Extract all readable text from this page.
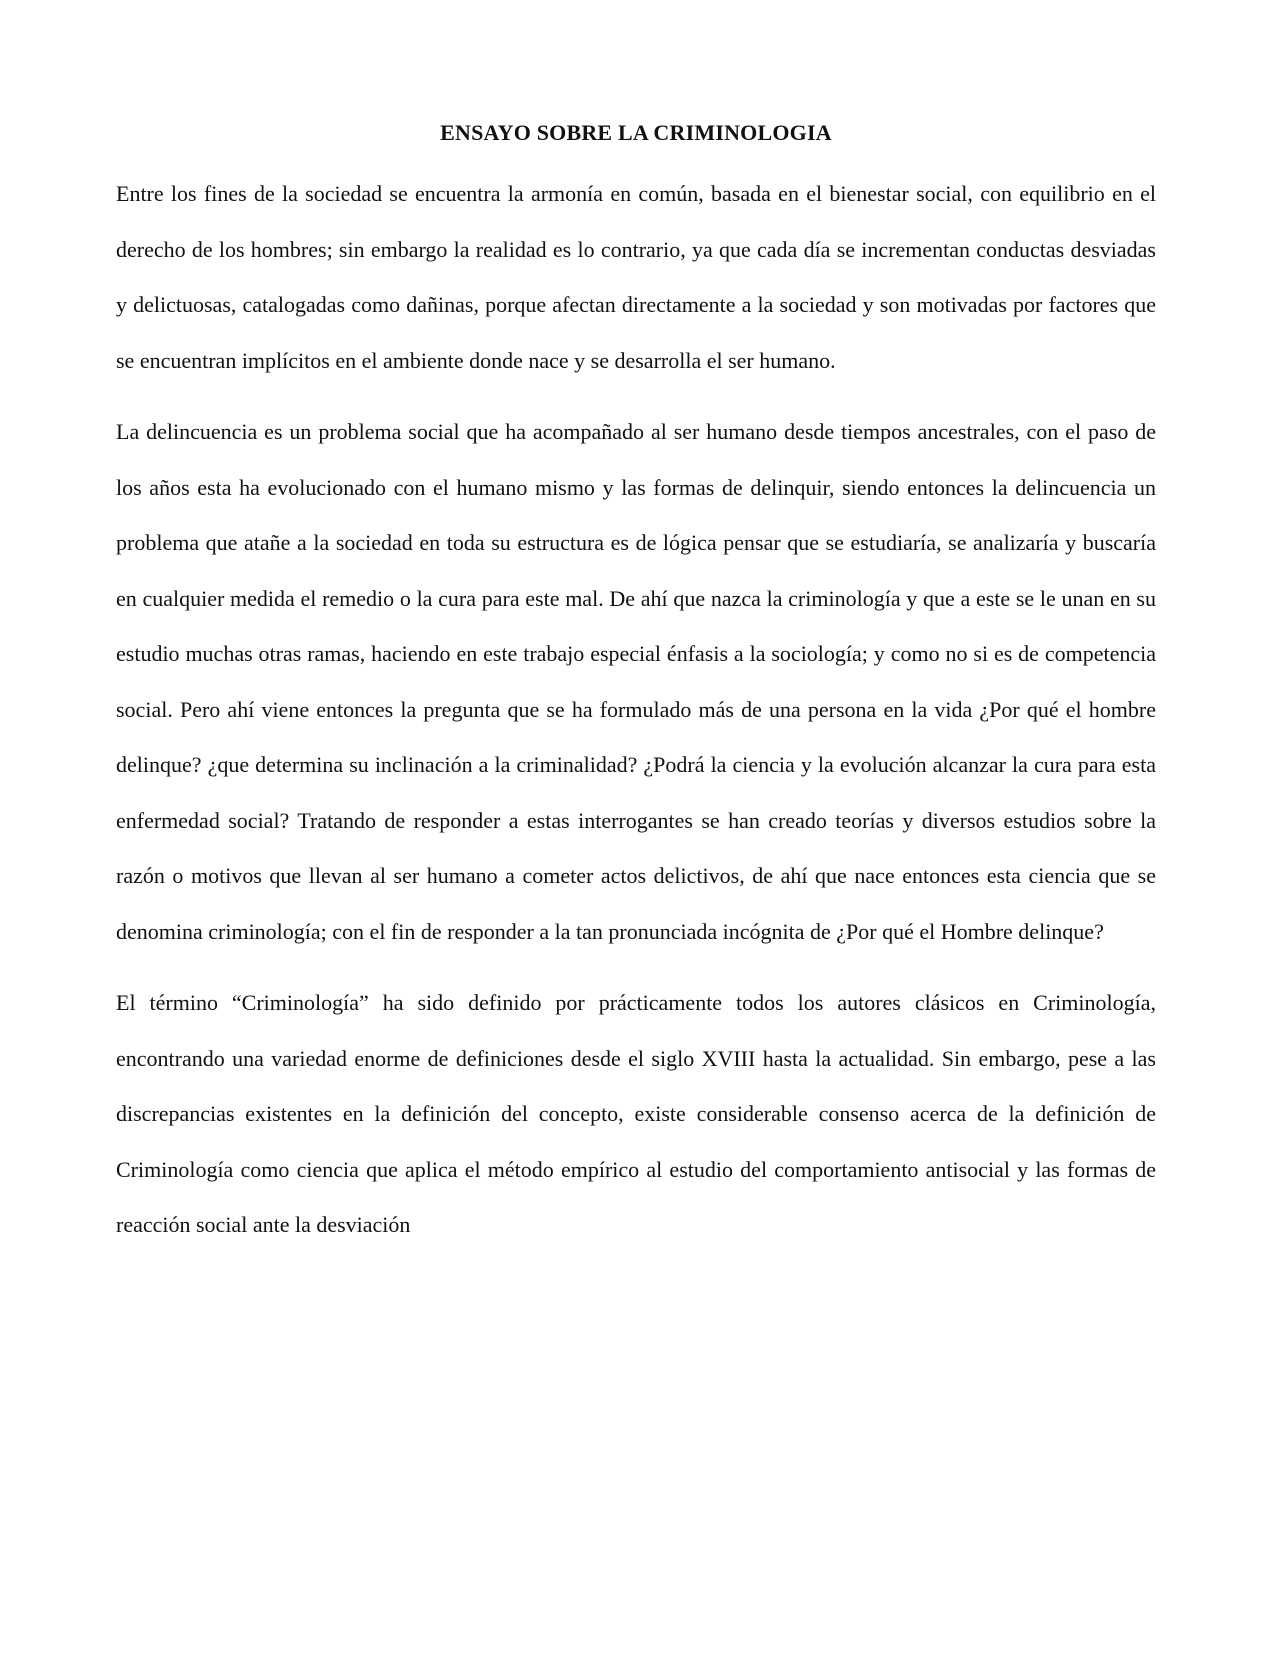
ENSAYO SOBRE LA CRIMINOLOGIA

Entre los fines de la sociedad se encuentra la armonía en común, basada en el bienestar social, con equilibrio en el derecho de los hombres; sin embargo la realidad es lo contrario, ya que cada día se incrementan conductas desviadas y delictuosas, catalogadas como dañinas, porque afectan directamente a la sociedad y son motivadas por factores que se encuentran implícitos en el ambiente donde nace y se desarrolla el ser humano.

La delincuencia es un problema social que ha acompañado al ser humano desde tiempos ancestrales, con el paso de los años esta ha evolucionado con el humano mismo y las formas de delinquir, siendo entonces la delincuencia un problema que atañe a la sociedad en toda su estructura es de lógica pensar que se estudiaría, se analizaría y buscaría en cualquier medida el remedio o la cura para este mal. De ahí que nazca la criminología y que a este se le unan en su estudio muchas otras ramas, haciendo en este trabajo especial énfasis a la sociología; y como no si es de competencia social. Pero ahí viene entonces la pregunta que se ha formulado más de una persona en la vida ¿Por qué el hombre delinque? ¿que determina su inclinación a la criminalidad? ¿Podrá la ciencia y la evolución alcanzar la cura para esta enfermedad social? Tratando de responder a estas interrogantes se han creado teorías y diversos estudios sobre la razón o motivos que llevan al ser humano a cometer actos delictivos, de ahí que nace entonces esta ciencia que se denomina criminología; con el fin de responder a la tan pronunciada incógnita de ¿Por qué el Hombre delinque?

El término “Criminología” ha sido definido por prácticamente todos los autores clásicos en Criminología, encontrando una variedad enorme de definiciones desde el siglo XVIII hasta la actualidad. Sin embargo, pese a las discrepancias existentes en la definición del concepto, existe considerable consenso acerca de la definición de Criminología como ciencia que aplica el método empírico al estudio del comportamiento antisocial y las formas de reacción social ante la desviación
